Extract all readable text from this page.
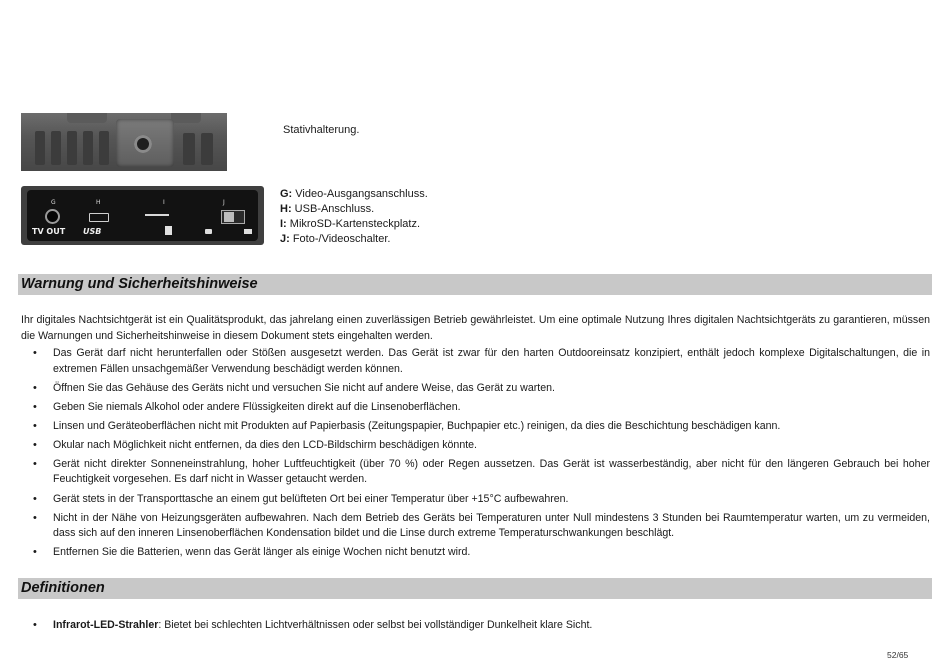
Stativhalterung.

G	H	I	J
TV OUT USB

G: Video-Ausgangsanschluss.

H: USB-Anschluss.

I: MikroSD-Kartensteckplatz.

J: Foto-/Videoschalter.

Warnung und Sicherheitshinweise
Ihr digitales Nachtsichtgerät ist ein Qualitätsprodukt, das jahrelang einen zuverlässigen Betrieb gewährleistet. Um eine optimale Nutzung Ihres digitalen Nachtsichtgeräts zu garantieren, müssen die Warnungen und Sicherheitshinweise in diesem Dokument stets eingehalten werden.
• Das Gerät darf nicht herunterfallen oder Stößen ausgesetzt werden. Das Gerät ist zwar für den harten Outdooreinsatz konzipiert, enthält jedoch komplexe Digitalschaltungen, die in extremen Fällen unsachgemäßer Verwendung beschädigt werden können.
• Öffnen Sie das Gehäuse des Geräts nicht und versuchen Sie nicht auf andere Weise, das Gerät zu warten.
• Geben Sie niemals Alkohol oder andere Flüssigkeiten direkt auf die Linsenoberflächen.
• Linsen und Geräteoberflächen nicht mit Produkten auf Papierbasis (Zeitungspapier, Buchpapier etc.) reinigen, da dies die Beschichtung beschädigen kann.
• Okular nach Möglichkeit nicht entfernen, da dies den LCD-Bildschirm beschädigen könnte.
• Gerät nicht direkter Sonneneinstrahlung, hoher Luftfeuchtigkeit (über 70 %) oder Regen aussetzen. Das Gerät ist wasserbeständig, aber nicht für den längeren Gebrauch bei hoher Feuchtigkeit vorgesehen. Es darf nicht in Wasser getaucht werden.
• Gerät stets in der Transporttasche an einem gut belüfteten Ort bei einer Temperatur über +15°C aufbewahren.
• Nicht in der Nähe von Heizungsgeräten aufbewahren. Nach dem Betrieb des Geräts bei Temperaturen unter Null mindestens 3 Stunden bei Raumtemperatur warten, um zu vermeiden, dass sich auf den inneren Linsenoberflächen Kondensation bildet und die Linse durch extreme Temperaturschwankungen beschlägt.
• Entfernen Sie die Batterien, wenn das Gerät länger als einige Wochen nicht benutzt wird.
Definitionen
• Infrarot-LED-Strahler: Bietet bei schlechten Lichtverhältnissen oder selbst bei vollständiger Dunkelheit klare Sicht.
52/65
